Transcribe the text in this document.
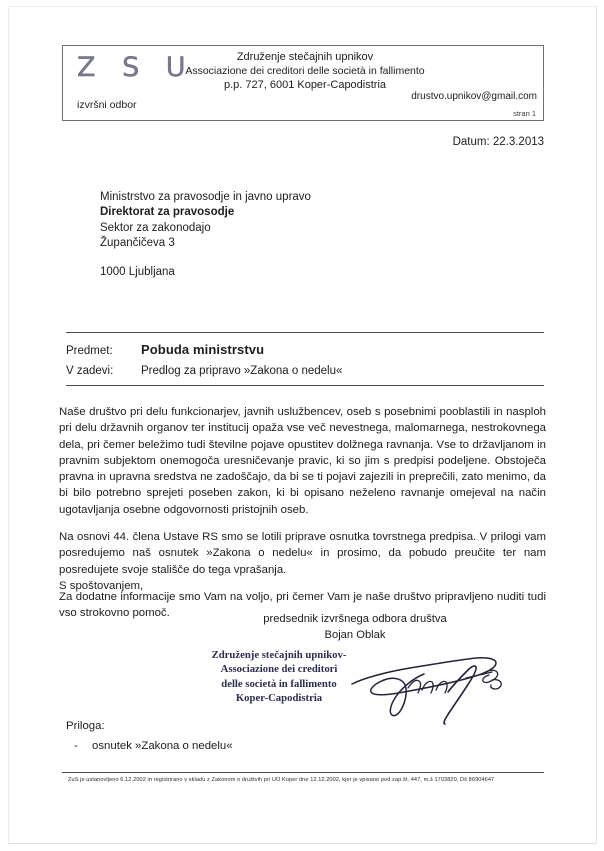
Z S U
izvršni odbor
Združenje stečajnih upnikov
Associazione dei creditori delle società in fallimento
p.p. 727, 6001 Koper-Capodistria
drustvo.upnikov@gmail.com
stran 1
Datum: 22.3.2013
Ministrstvo za pravosodje in javno upravo
Direktorat za pravosodje
Sektor za zakonodajo
Župančičeva 3
1000 Ljubljana
Predmet:	Pobuda ministrstvu
V zadevi:	Predlog za pripravo »Zakona o nedelu«

Naše društvo pri delu funkcionarjev, javnih uslužbencev, oseb s posebnimi pooblastili in nasploh pri delu državnih organov ter institucij opaža vse več nevestnega, malomarnega, nestrokovnega dela, pri čemer beležimo tudi številne pojave opustitev dolžnega ravnanja. Vse to državljanom in pravnim subjektom onemogoča uresničevanje pravic, ki so jim s predpisi podeljene. Obstoječa pravna in upravna sredstva ne zadoščajo, da bi se ti pojavi zajezili in preprečili, zato menimo, da bi bilo potrebno sprejeti poseben zakon, ki bi opisano neželeno ravnanje omejeval na način ugotavljanja osebne odgovornosti pristojnih oseb.

Na osnovi 44. člena Ustave RS smo se lotili priprave osnutka tovrstnega predpisa. V prilogi vam posredujemo naš osnutek »Zakona o nedelu« in prosimo, da pobudo preučite ter nam posredujete svoje stališče do tega vprašanja.

Za dodatne informacije smo Vam na voljo, pri čemer Vam je naše društvo pripravljeno nuditi tudi vso strokovno pomoč.

S spoštovanjem,
predsednik izvršnega odbora društva
Bojan Oblak
Združenje stečajnih upnikov-
Associazione dei creditori
delle società in fallimento
Koper-Capodistria
Priloga:
- osnutek »Zakona o nedelu«
ZuS je ustanovljeno 6.12.2002 in registrirano v skladu z Zakonom o društvih pri UO Koper dne 12.12.2002, kjer je vpisano pod zap.št. 447, m.š 1703820, Dš 86904647
